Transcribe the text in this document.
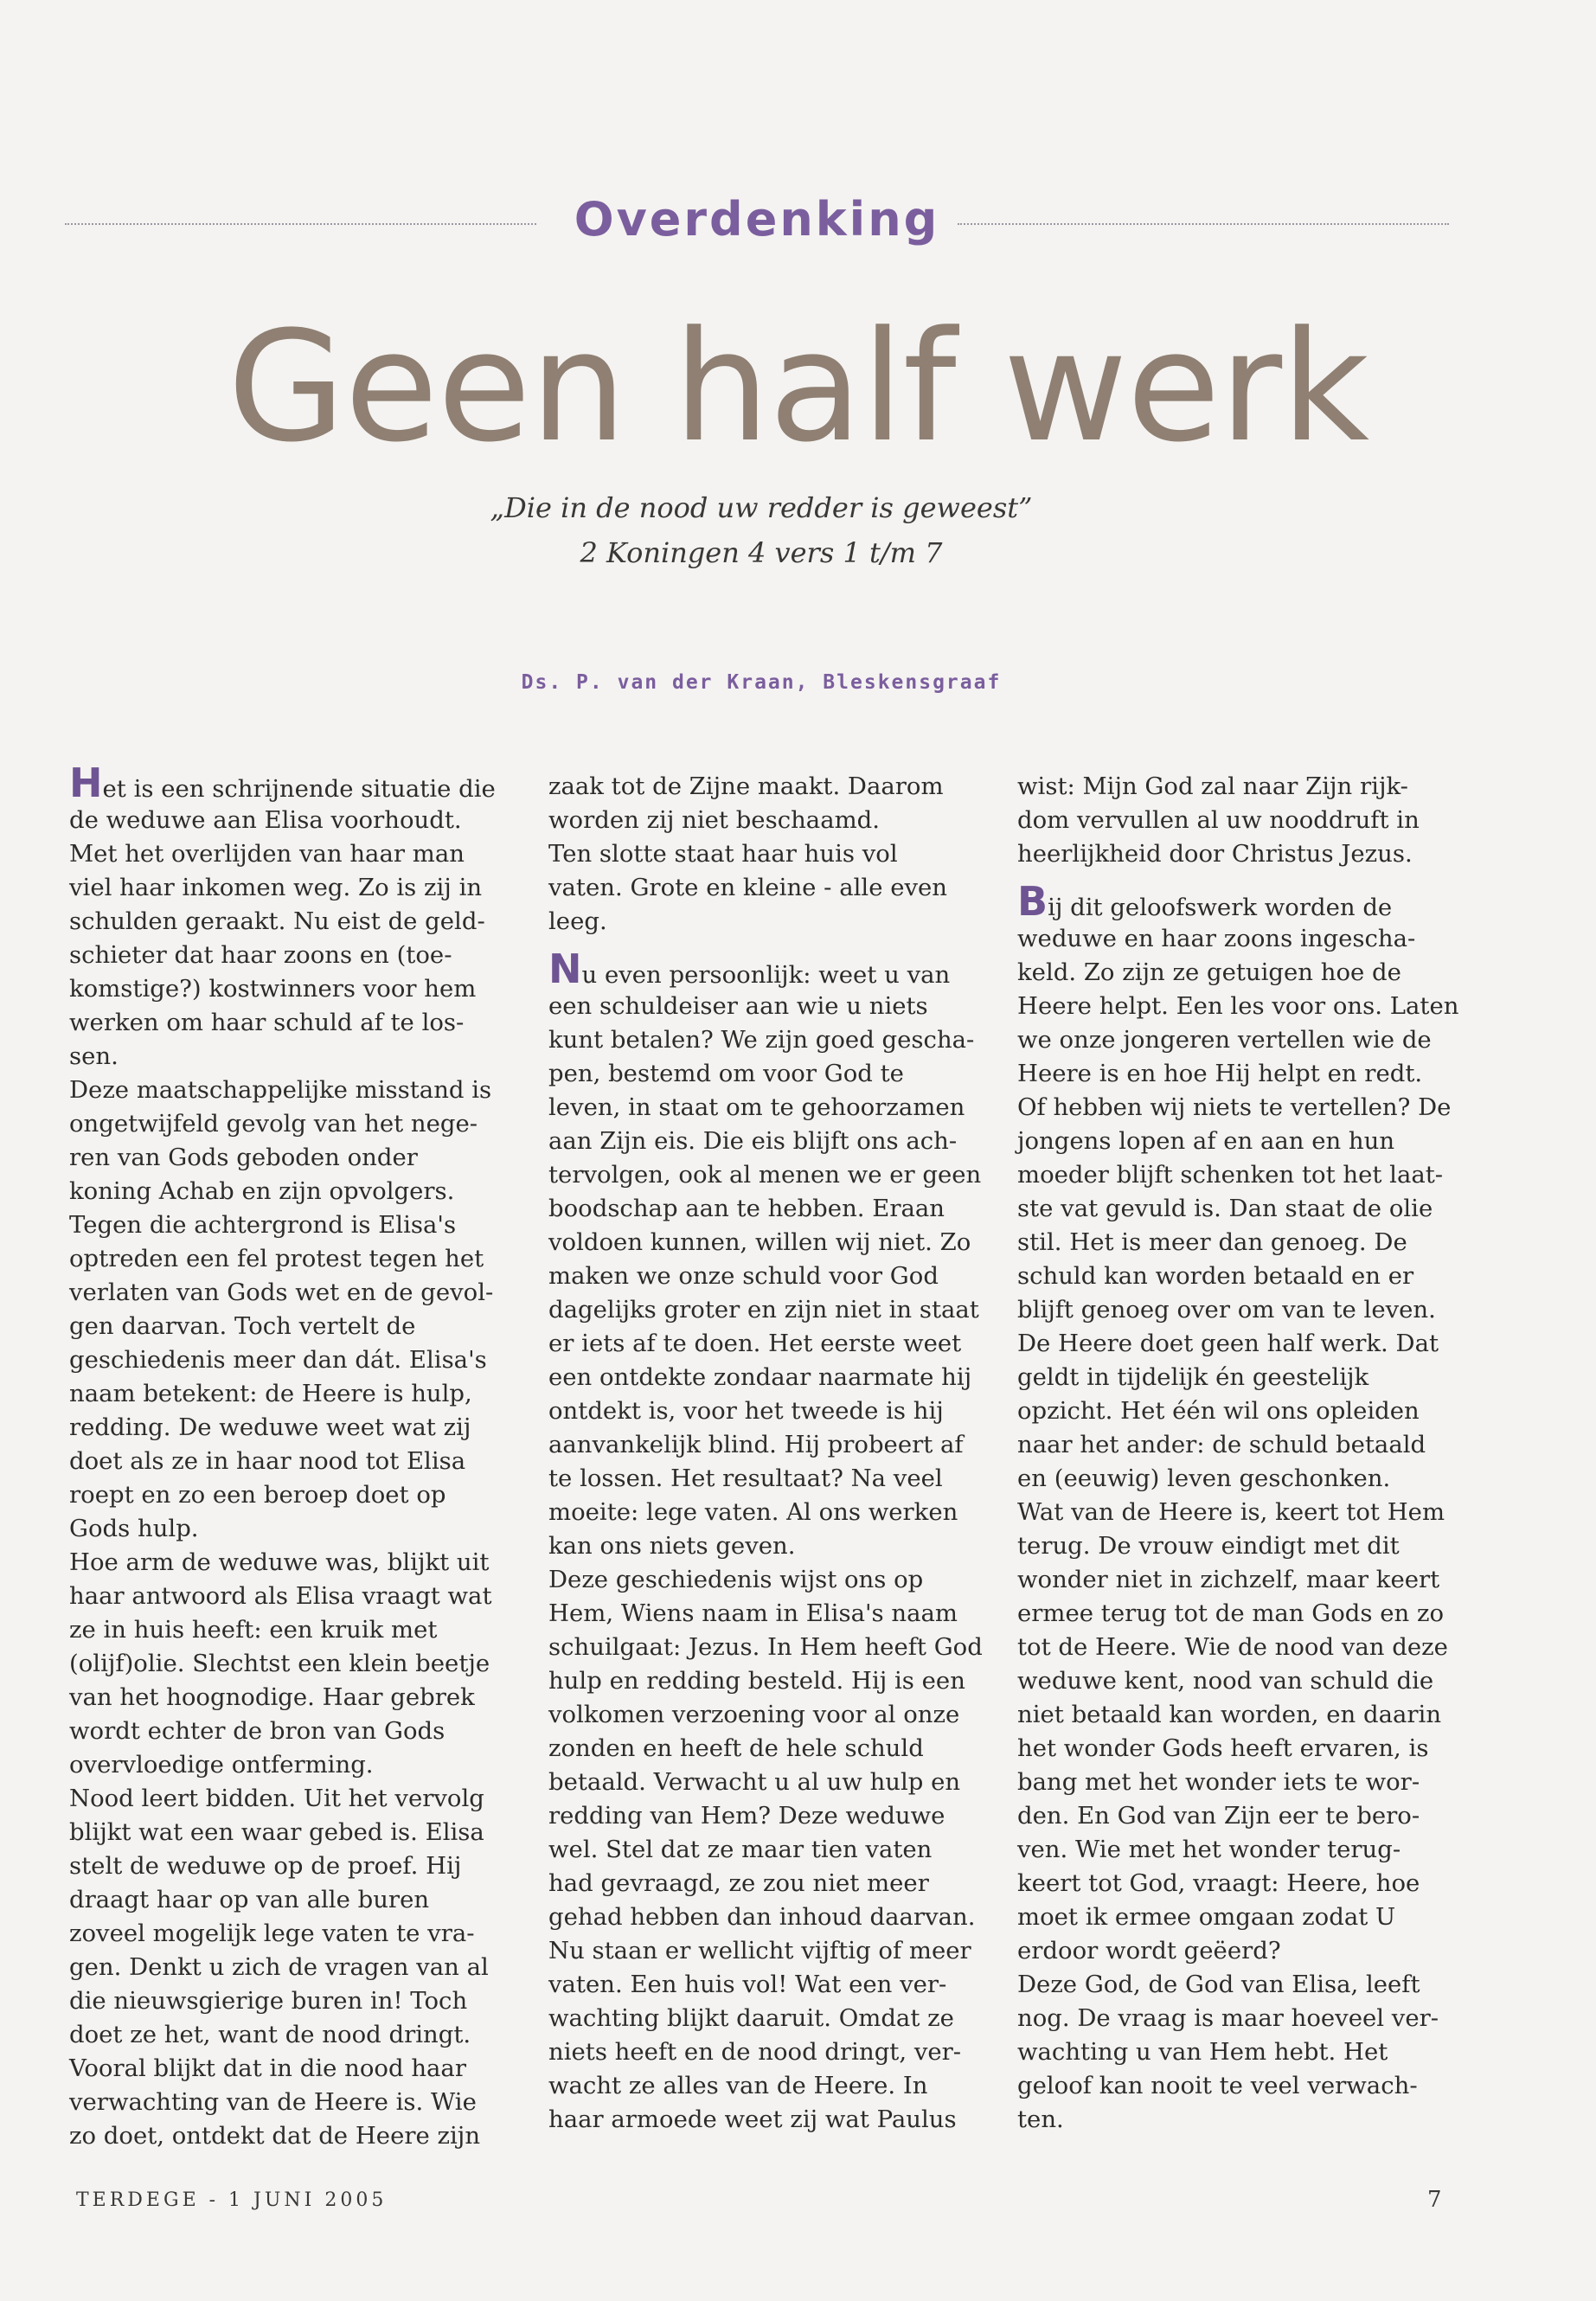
Overdenking
Geen half werk
„Die in de nood uw redder is geweest”
2 Koningen 4 vers 1 t/m 7
Ds. P. van der Kraan, Bleskensgraaf
Het is een schrijnende situatie die
de weduwe aan Elisa voorhoudt.
Met het overlijden van haar man
viel haar inkomen weg. Zo is zij in
schulden geraakt. Nu eist de geld-
schieter dat haar zoons en (toe-
komstige?) kostwinners voor hem
werken om haar schuld af te los-
sen.
Deze maatschappelijke misstand is
ongetwijfeld gevolg van het nege-
ren van Gods geboden onder
koning Achab en zijn opvolgers.
Tegen die achtergrond is Elisa's
optreden een fel protest tegen het
verlaten van Gods wet en de gevol-
gen daarvan. Toch vertelt de
geschiedenis meer dan dát. Elisa's
naam betekent: de Heere is hulp,
redding. De weduwe weet wat zij
doet als ze in haar nood tot Elisa
roept en zo een beroep doet op
Gods hulp.
Hoe arm de weduwe was, blijkt uit
haar antwoord als Elisa vraagt wat
ze in huis heeft: een kruik met
(olijf)olie. Slechtst een klein beetje
van het hoognodige. Haar gebrek
wordt echter de bron van Gods
overvloedige ontferming.
Nood leert bidden. Uit het vervolg
blijkt wat een waar gebed is. Elisa
stelt de weduwe op de proef. Hij
draagt haar op van alle buren
zoveel mogelijk lege vaten te vra-
gen. Denkt u zich de vragen van al
die nieuwsgierige buren in! Toch
doet ze het, want de nood dringt.
Vooral blijkt dat in die nood haar
verwachting van de Heere is. Wie
zo doet, ontdekt dat de Heere zijn
zaak tot de Zijne maakt. Daarom
worden zij niet beschaamd.
Ten slotte staat haar huis vol
vaten. Grote en kleine - alle even
leeg.
Nu even persoonlijk: weet u van
een schuldeiser aan wie u niets
kunt betalen? We zijn goed gescha-
pen, bestemd om voor God te
leven, in staat om te gehoorzamen
aan Zijn eis. Die eis blijft ons ach-
tervolgen, ook al menen we er geen
boodschap aan te hebben. Eraan
voldoen kunnen, willen wij niet. Zo
maken we onze schuld voor God
dagelijks groter en zijn niet in staat
er iets af te doen. Het eerste weet
een ontdekte zondaar naarmate hij
ontdekt is, voor het tweede is hij
aanvankelijk blind. Hij probeert af
te lossen. Het resultaat? Na veel
moeite: lege vaten. Al ons werken
kan ons niets geven.
Deze geschiedenis wijst ons op
Hem, Wiens naam in Elisa's naam
schuilgaat: Jezus. In Hem heeft God
hulp en redding besteld. Hij is een
volkomen verzoening voor al onze
zonden en heeft de hele schuld
betaald. Verwacht u al uw hulp en
redding van Hem? Deze weduwe
wel. Stel dat ze maar tien vaten
had gevraagd, ze zou niet meer
gehad hebben dan inhoud daarvan.
Nu staan er wellicht vijftig of meer
vaten. Een huis vol! Wat een ver-
wachting blijkt daaruit. Omdat ze
niets heeft en de nood dringt, ver-
wacht ze alles van de Heere. In
haar armoede weet zij wat Paulus
wist: Mijn God zal naar Zijn rijk-
dom vervullen al uw nooddruft in
heerlijkheid door Christus Jezus.
Bij dit geloofswerk worden de
weduwe en haar zoons ingescha-
keld. Zo zijn ze getuigen hoe de
Heere helpt. Een les voor ons. Laten
we onze jongeren vertellen wie de
Heere is en hoe Hij helpt en redt.
Of hebben wij niets te vertellen? De
jongens lopen af en aan en hun
moeder blijft schenken tot het laat-
ste vat gevuld is. Dan staat de olie
stil. Het is meer dan genoeg. De
schuld kan worden betaald en er
blijft genoeg over om van te leven.
De Heere doet geen half werk. Dat
geldt in tijdelijk én geestelijk
opzicht. Het één wil ons opleiden
naar het ander: de schuld betaald
en (eeuwig) leven geschonken.
Wat van de Heere is, keert tot Hem
terug. De vrouw eindigt met dit
wonder niet in zichzelf, maar keert
ermee terug tot de man Gods en zo
tot de Heere. Wie de nood van deze
weduwe kent, nood van schuld die
niet betaald kan worden, en daarin
het wonder Gods heeft ervaren, is
bang met het wonder iets te wor-
den. En God van Zijn eer te bero-
ven. Wie met het wonder terug-
keert tot God, vraagt: Heere, hoe
moet ik ermee omgaan zodat U
erdoor wordt geëerd?
Deze God, de God van Elisa, leeft
nog. De vraag is maar hoeveel ver-
wachting u van Hem hebt. Het
geloof kan nooit te veel verwach-
ten.
TERDEGE - 1 JUNI 2005	7
